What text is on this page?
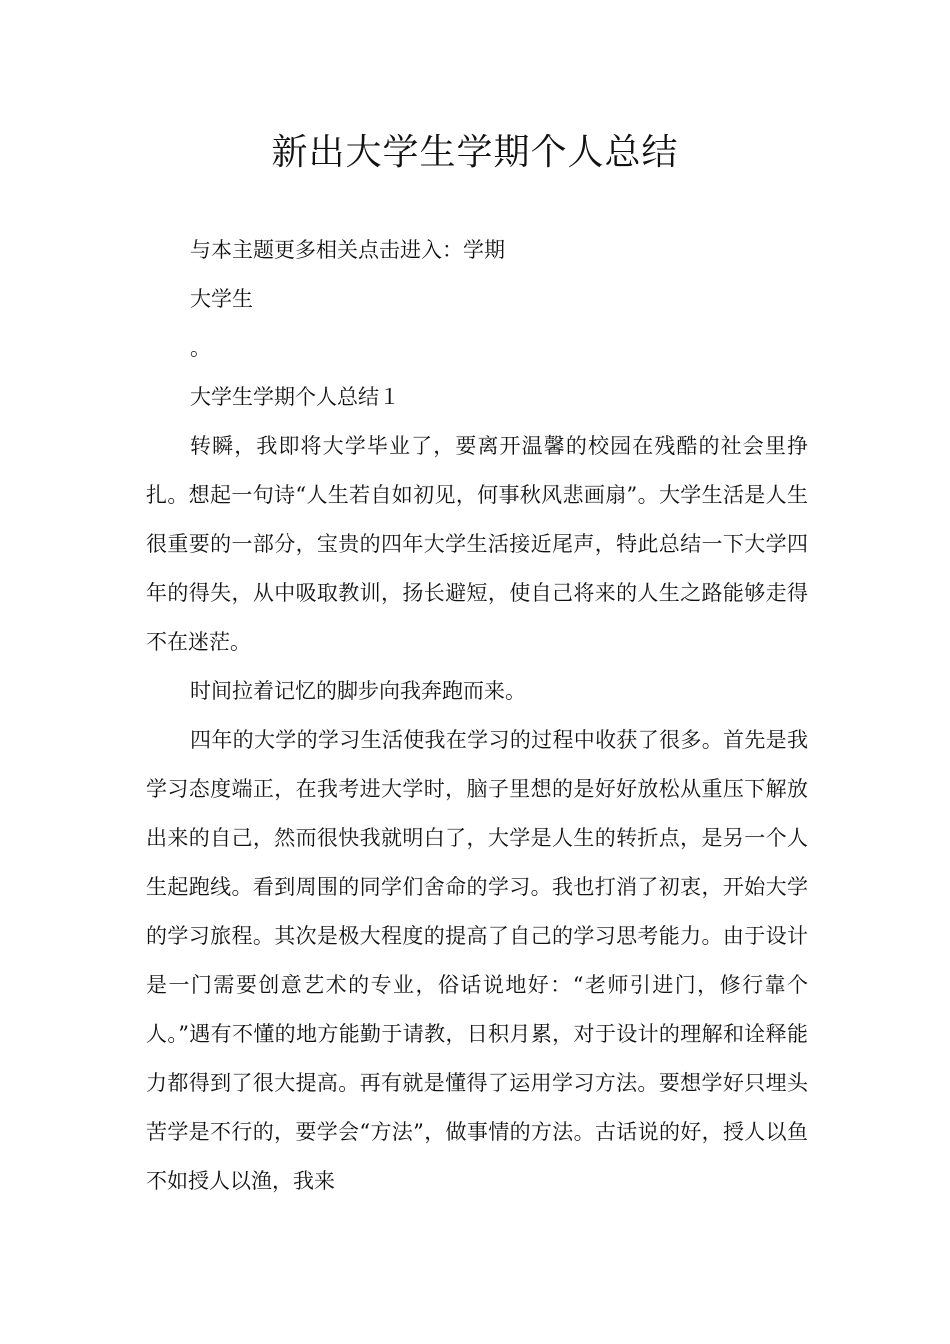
新出大学生学期个人总结

与本主题更多相关点击进入：学期

大学生

。

大学生学期个人总结１

转瞬，我即将大学毕业了，要离开温馨的校园在残酷的社会里挣扎。想起一句诗“人生若自如初见，何事秋风悲画扇”。大学生活是人生很重要的一部分，宝贵的四年大学生活接近尾声，特此总结一下大学四年的得失，从中吸取教训，扬长避短，使自己将来的人生之路能够走得不在迷茫。

时间拉着记忆的脚步向我奔跑而来。

四年的大学的学习生活使我在学习的过程中收获了很多。首先是我学习态度端正，在我考进大学时，脑子里想的是好好放松从重压下解放出来的自己，然而很快我就明白了，大学是人生的转折点，是另一个人生起跑线。看到周围的同学们舍命的学习。我也打消了初衷，开始大学的学习旅程。其次是极大程度的提高了自己的学习思考能力。由于设计是一门需要创意艺术的专业，俗话说地好：“老师引进门，修行靠个人。”遇有不懂的地方能勤于请教，日积月累，对于设计的理解和诠释能力都得到了很大提高。再有就是懂得了运用学习方法。要想学好只埋头苦学是不行的，要学会“方法”，做事情的方法。古话说的好，授人以鱼不如授人以渔，我来
